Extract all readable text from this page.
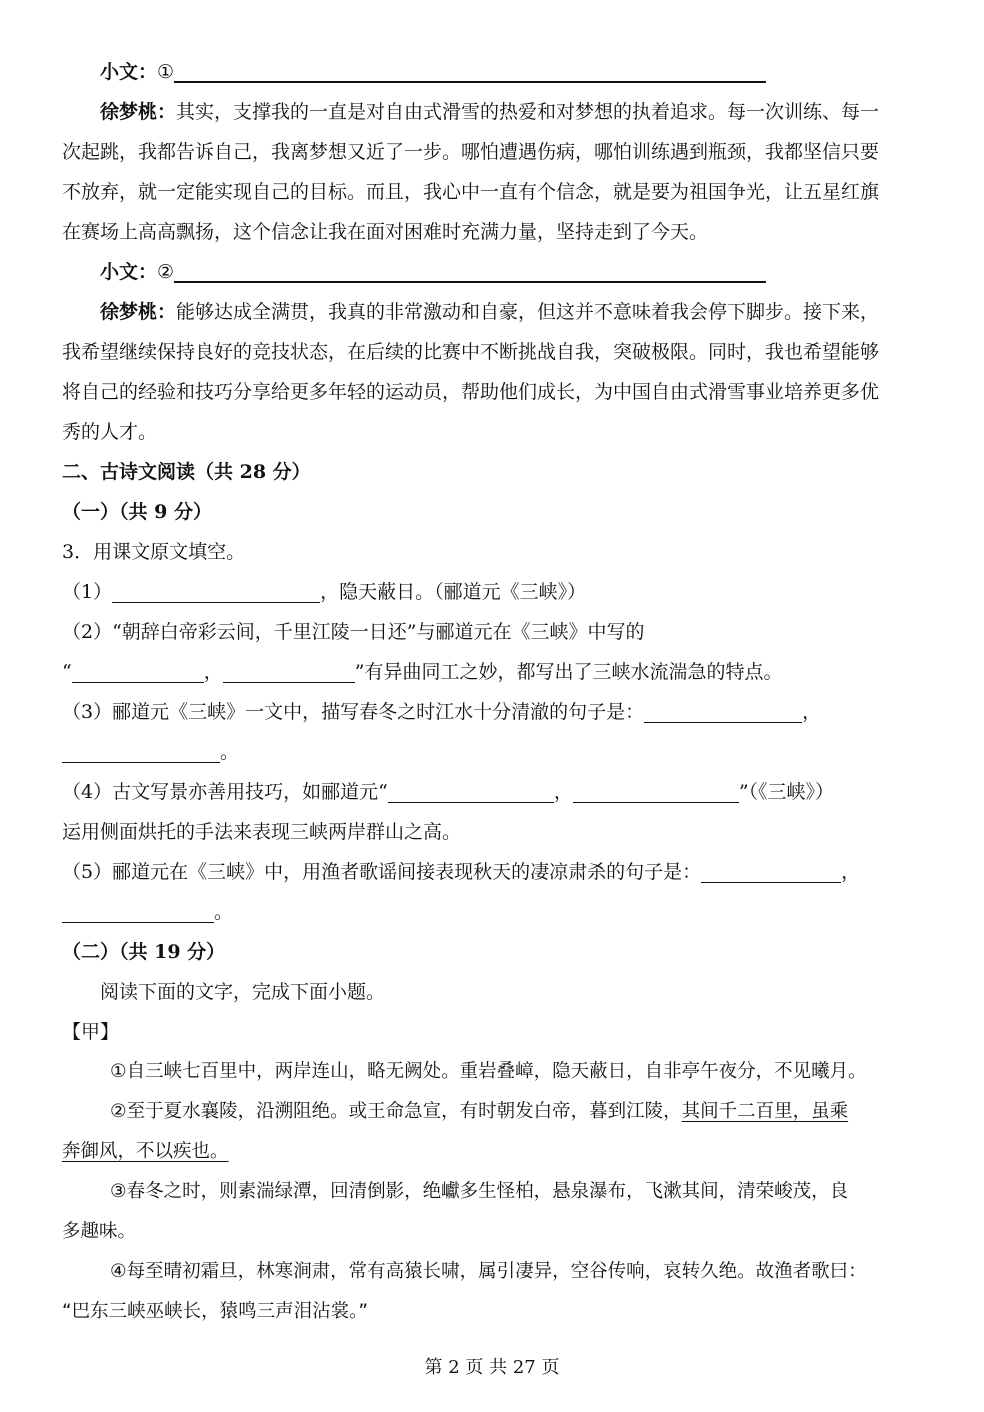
小文：①
徐梦桃：其实，支撑我的一直是对自由式滑雪的热爱和对梦想的执着追求。每一次训练、每一
次起跳，我都告诉自己，我离梦想又近了一步。哪怕遭遇伤病，哪怕训练遇到瓶颈，我都坚信只要
不放弃，就一定能实现自己的目标。而且，我心中一直有个信念，就是要为祖国争光，让五星红旗
在赛场上高高飘扬，这个信念让我在面对困难时充满力量，坚持走到了今天。
小文：②
徐梦桃：能够达成全满贯，我真的非常激动和自豪，但这并不意味着我会停下脚步。接下来，
我希望继续保持良好的竞技状态，在后续的比赛中不断挑战自我，突破极限。同时，我也希望能够
将自己的经验和技巧分享给更多年轻的运动员，帮助他们成长，为中国自由式滑雪事业培养更多优
秀的人才。
二、古诗文阅读（共 28 分）
（一）（共 9 分）
3．用课文原文填空。
（1）	，隐天蔽日。（郦道元《三峡》）
（2）“朝辞白帝彩云间，千里江陵一日还”与郦道元在《三峡》中写的
“	，	”有异曲同工之妙，都写出了三峡水流湍急的特点。
（3）郦道元《三峡》一文中，描写春冬之时江水十分清澈的句子是：	，
。
（4）古文写景亦善用技巧，如郦道元“	，	”（《三峡》）
运用侧面烘托的手法来表现三峡两岸群山之高。
（5）郦道元在《三峡》中，用渔者歌谣间接表现秋天的凄凉肃杀的句子是：	，
。
（二）（共 19 分）
阅读下面的文字，完成下面小题。
【甲】
①自三峡七百里中，两岸连山，略无阙处。重岩叠嶂，隐天蔽日，自非亭午夜分，不见曦月。
②至于夏水襄陵，沿溯阻绝。或王命急宣，有时朝发白帝，暮到江陵，其间千二百里，虽乘
奔御风，不以疾也。
③春冬之时，则素湍绿潭，回清倒影，绝巘多生怪柏，悬泉瀑布，飞漱其间，清荣峻茂，良
多趣味。
④每至晴初霜旦，林寒涧肃，常有高猿长啸，属引凄异，空谷传响，哀转久绝。故渔者歌曰：
“巴东三峡巫峡长，猿鸣三声泪沾裳。”
第 2 页 共 27 页
